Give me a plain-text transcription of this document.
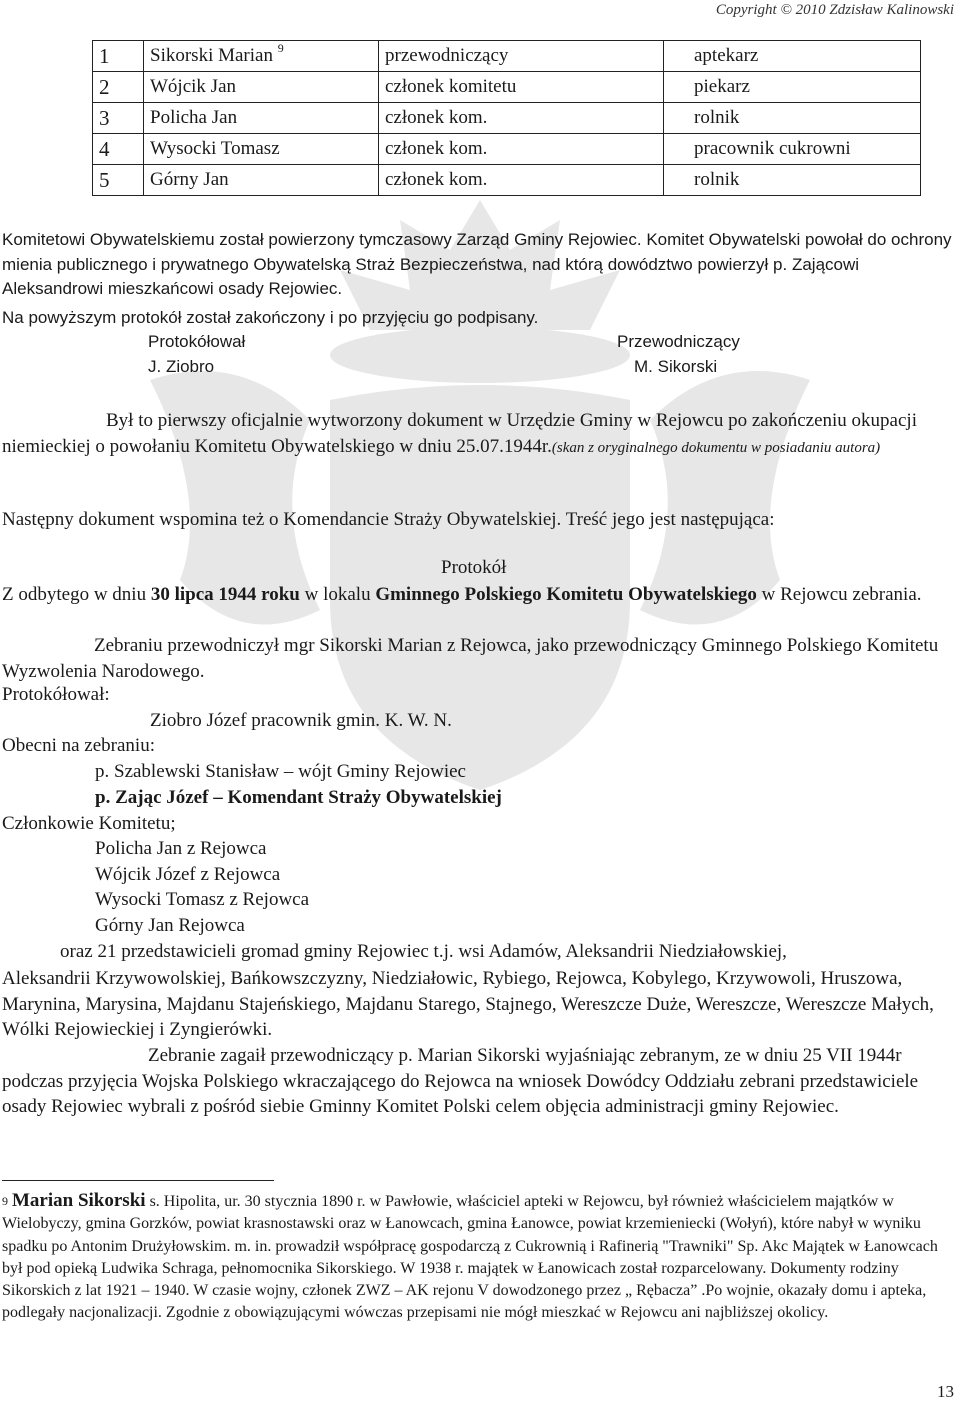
Copyright © 2010 Zdzisław Kalinowski
1	Sikorski Marian $^9$	przewodniczący	aptekarz
2	Wójcik Jan	członek komitetu	piekarz
3	Policha Jan	członek kom.	rolnik
4	Wysocki Tomasz	członek kom.	pracownik cukrowni
5	Górny Jan	członek kom.	rolnik
Komitetowi Obywatelskiemu został powierzony tymczasowy Zarząd Gminy Rejowiec. Komitet Obywatelski powołał do ochrony mienia publicznego i prywatnego Obywatelską Straż Bezpieczeństwa, nad którą dowództwo powierzył p. Zającowi Aleksandrowi mieszkańcowi osady Rejowiec.
Na powyższym protokół został zakończony i po przyjęciu go podpisany.
Protokółował
J. Ziobro
Przewodniczący
M. Sikorski
Był to pierwszy oficjalnie wytworzony dokument w Urzędzie Gminy w Rejowcu po zakończeniu okupacji niemieckiej o powołaniu Komitetu Obywatelskiego w dniu 25.07.1944r.(skan z oryginalnego dokumentu w posiadaniu autora)
Następny dokument wspomina też o Komendancie Straży Obywatelskiej. Treść jego jest następująca:
Protokół
Z odbytego w dniu 30 lipca 1944 roku w lokalu Gminnego Polskiego Komitetu Obywatelskiego w Rejowcu zebrania.
Zebraniu przewodniczył mgr Sikorski Marian z Rejowca, jako przewodniczący Gminnego Polskiego Komitetu Wyzwolenia Narodowego.
Protokółował:
Ziobro Józef pracownik gmin. K. W. N.
Obecni na zebraniu:
p. Szablewski Stanisław – wójt Gminy Rejowiec
p. Zając Józef – Komendant Straży Obywatelskiej
Członkowie Komitetu;
Policha Jan z Rejowca
Wójcik Józef z Rejowca
Wysocki Tomasz z Rejowca
Górny Jan Rejowca
oraz 21 przedstawicieli gromad gminy Rejowiec t.j. wsi Adamów, Aleksandrii Niedziałowskiej,
Aleksandrii Krzywowolskiej, Bańkowszczyzny, Niedziałowic, Rybiego, Rejowca, Kobylego, Krzywowoli, Hruszowa, Marynina, Marysina, Majdanu Stajeńskiego, Majdanu Starego, Stajnego, Wereszcze Duże, Wereszcze, Wereszcze Małych, Wólki Rejowieckiej i Zyngierówki.
Zebranie zagaił przewodniczący p. Marian Sikorski wyjaśniając zebranym, ze w dniu 25 VII 1944r podczas przyjęcia Wojska Polskiego wkraczającego do Rejowca na wniosek Dowódcy Oddziału zebrani przedstawiciele osady Rejowiec wybrali z pośród siebie Gminny Komitet Polski celem objęcia administracji gminy Rejowiec.
$^9$ Marian Sikorski s. Hipolita, ur. 30 stycznia 1890 r. w Pawłowie, właściciel apteki w Rejowcu, był również właścicielem majątków w Wielobyczy, gmina Gorzków, powiat krasnostawski oraz w Łanowcach, gmina Łanowce, powiat krzemieniecki (Wołyń), które nabył w wyniku spadku po Antonim Drużyłowskim. m. in. prowadził współpracę gospodarczą z Cukrownią i Rafinerią "Trawniki" Sp. Akc Majątek w Łanowcach był pod opieką Ludwika Schraga, pełnomocnika Sikorskiego. W 1938 r. majątek w Łanowicach został rozparcelowany. Dokumenty rodziny Sikorskich z lat 1921 – 1940. W czasie wojny, członek ZWZ – AK rejonu V dowodzonego przez „ Rębacza” .Po wojnie, okazały domu i apteka, podlegały nacjonalizacji. Zgodnie z obowiązującymi wówczas przepisami nie mógł mieszkać w Rejowcu ani najbliższej okolicy.
13
